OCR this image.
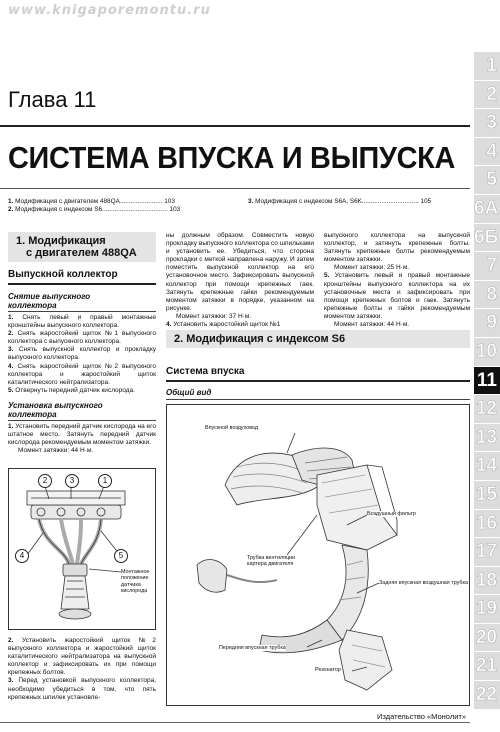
www.knigaporemontu.ru
1
2
3
4
5
6A
6Б
7
8
9
10
11
12
13
14
15
16
17
18
19
20
21
22
Глава 11
СИСТЕМА ВПУСКА И ВЫПУСКА
1. Модификация с двигателем 488QA........................ 103
2. Модификация с индексом S6..................................... 103
3. Модификация с индексом S6A, S6K................................ 105
1. Модификация
с двигателем 488QA
Выпускной коллектор
Снятие выпускного
коллектора

1. Снять левый и правый монтажные кронштейны выпускного коллектора.

2. Снять жаростойкий щиток №1 выпускного коллектора с выпускного коллектора.

3. Снять выпускной коллектор и прокладку выпускного коллектора.

4. Снять жаростойкий щиток №2 выпускного коллектора и жаростойкий щиток каталитического нейтрализатора.

5. Отвернуть передний датчик кислорода.

Установка выпускного
коллектора

1. Установить передний датчик кислорода на его штатное место. Затянуть передний датчик кислорода рекомендуемым моментом затяжки.

Момент затяжки: 44 Н·м.

2	3	1
4	5
Монтажное положение датчика кислорода

2. Установить жаростойкий щиток №2 выпускного коллектора и жаростойкий щиток каталитического нейтрализатора на выпускной коллектор и зафиксировать их при помощи крепежных болтов.

3. Перед установкой выпускного коллектора, необходимо убедиться в том, что пять крепежных шпилек установле-

ны должным образом. Совместить новую прокладку выпускного коллектора со шпильками и установить ее. Убедиться, что сторона прокладки с меткой направлена наружу. И затем поместить выпускной коллектор на его установочное место. Зафиксировать выпускной коллектор при помощи крепежных гаек. Затянуть крепежные гайки рекомендуемым моментом затяжки в порядке, указанном на рисунке.

Момент затяжки: 37 Н·м.

4. Установить жаростойкий щиток №1

выпускного коллектора на выпускной коллектор, и затянуть крепежные болты. Затянуть крепежные болты рекомендуемым моментом затяжки.

Момент затяжки: 25 Н·м.

5. Установить левый и правый монтажные кронштейны выпускного коллектора на их установочные места и зафиксировать при помощи крепежных болтов и гаек. Затянуть крепежные болты и гайки рекомендуемым моментом затяжки.

Момент затяжки: 44 Н·м.

2. Модификация с индексом S6
Система впуска
Общий вид
Впускной воздуховод
Воздушный фильтр
Трубка вентиляции
картера двигателя
Задняя впускная воздушная трубка
Передняя впускная трубка
Резонатор
Издательство «Монолит»
